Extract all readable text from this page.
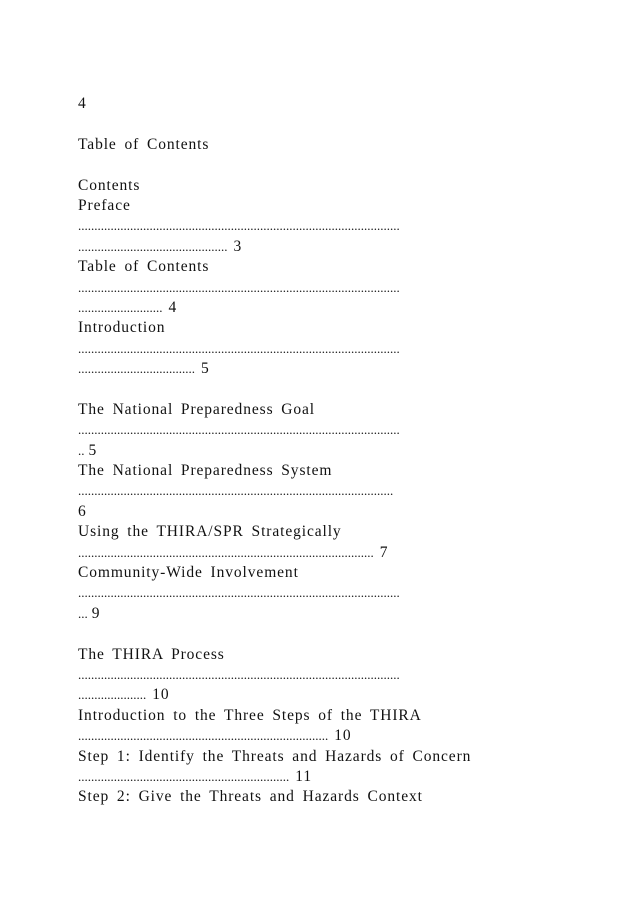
4
Table of Contents
Contents
Preface
...................................................................................................
.............................................. 3
Table of Contents
...................................................................................................
.......................... 4
Introduction
...................................................................................................
.................................... 5
The National Preparedness Goal
...................................................................................................
.. 5
The National Preparedness System
.................................................................................................
6
Using the THIRA/SPR Strategically
........................................................................................... 7
Community-Wide Involvement
...................................................................................................
... 9
The THIRA Process
...................................................................................................
..................... 10
Introduction to the Three Steps of the THIRA
............................................................................. 10
Step 1: Identify the Threats and Hazards of Concern
................................................................. 11
Step 2: Give the Threats and Hazards Context
